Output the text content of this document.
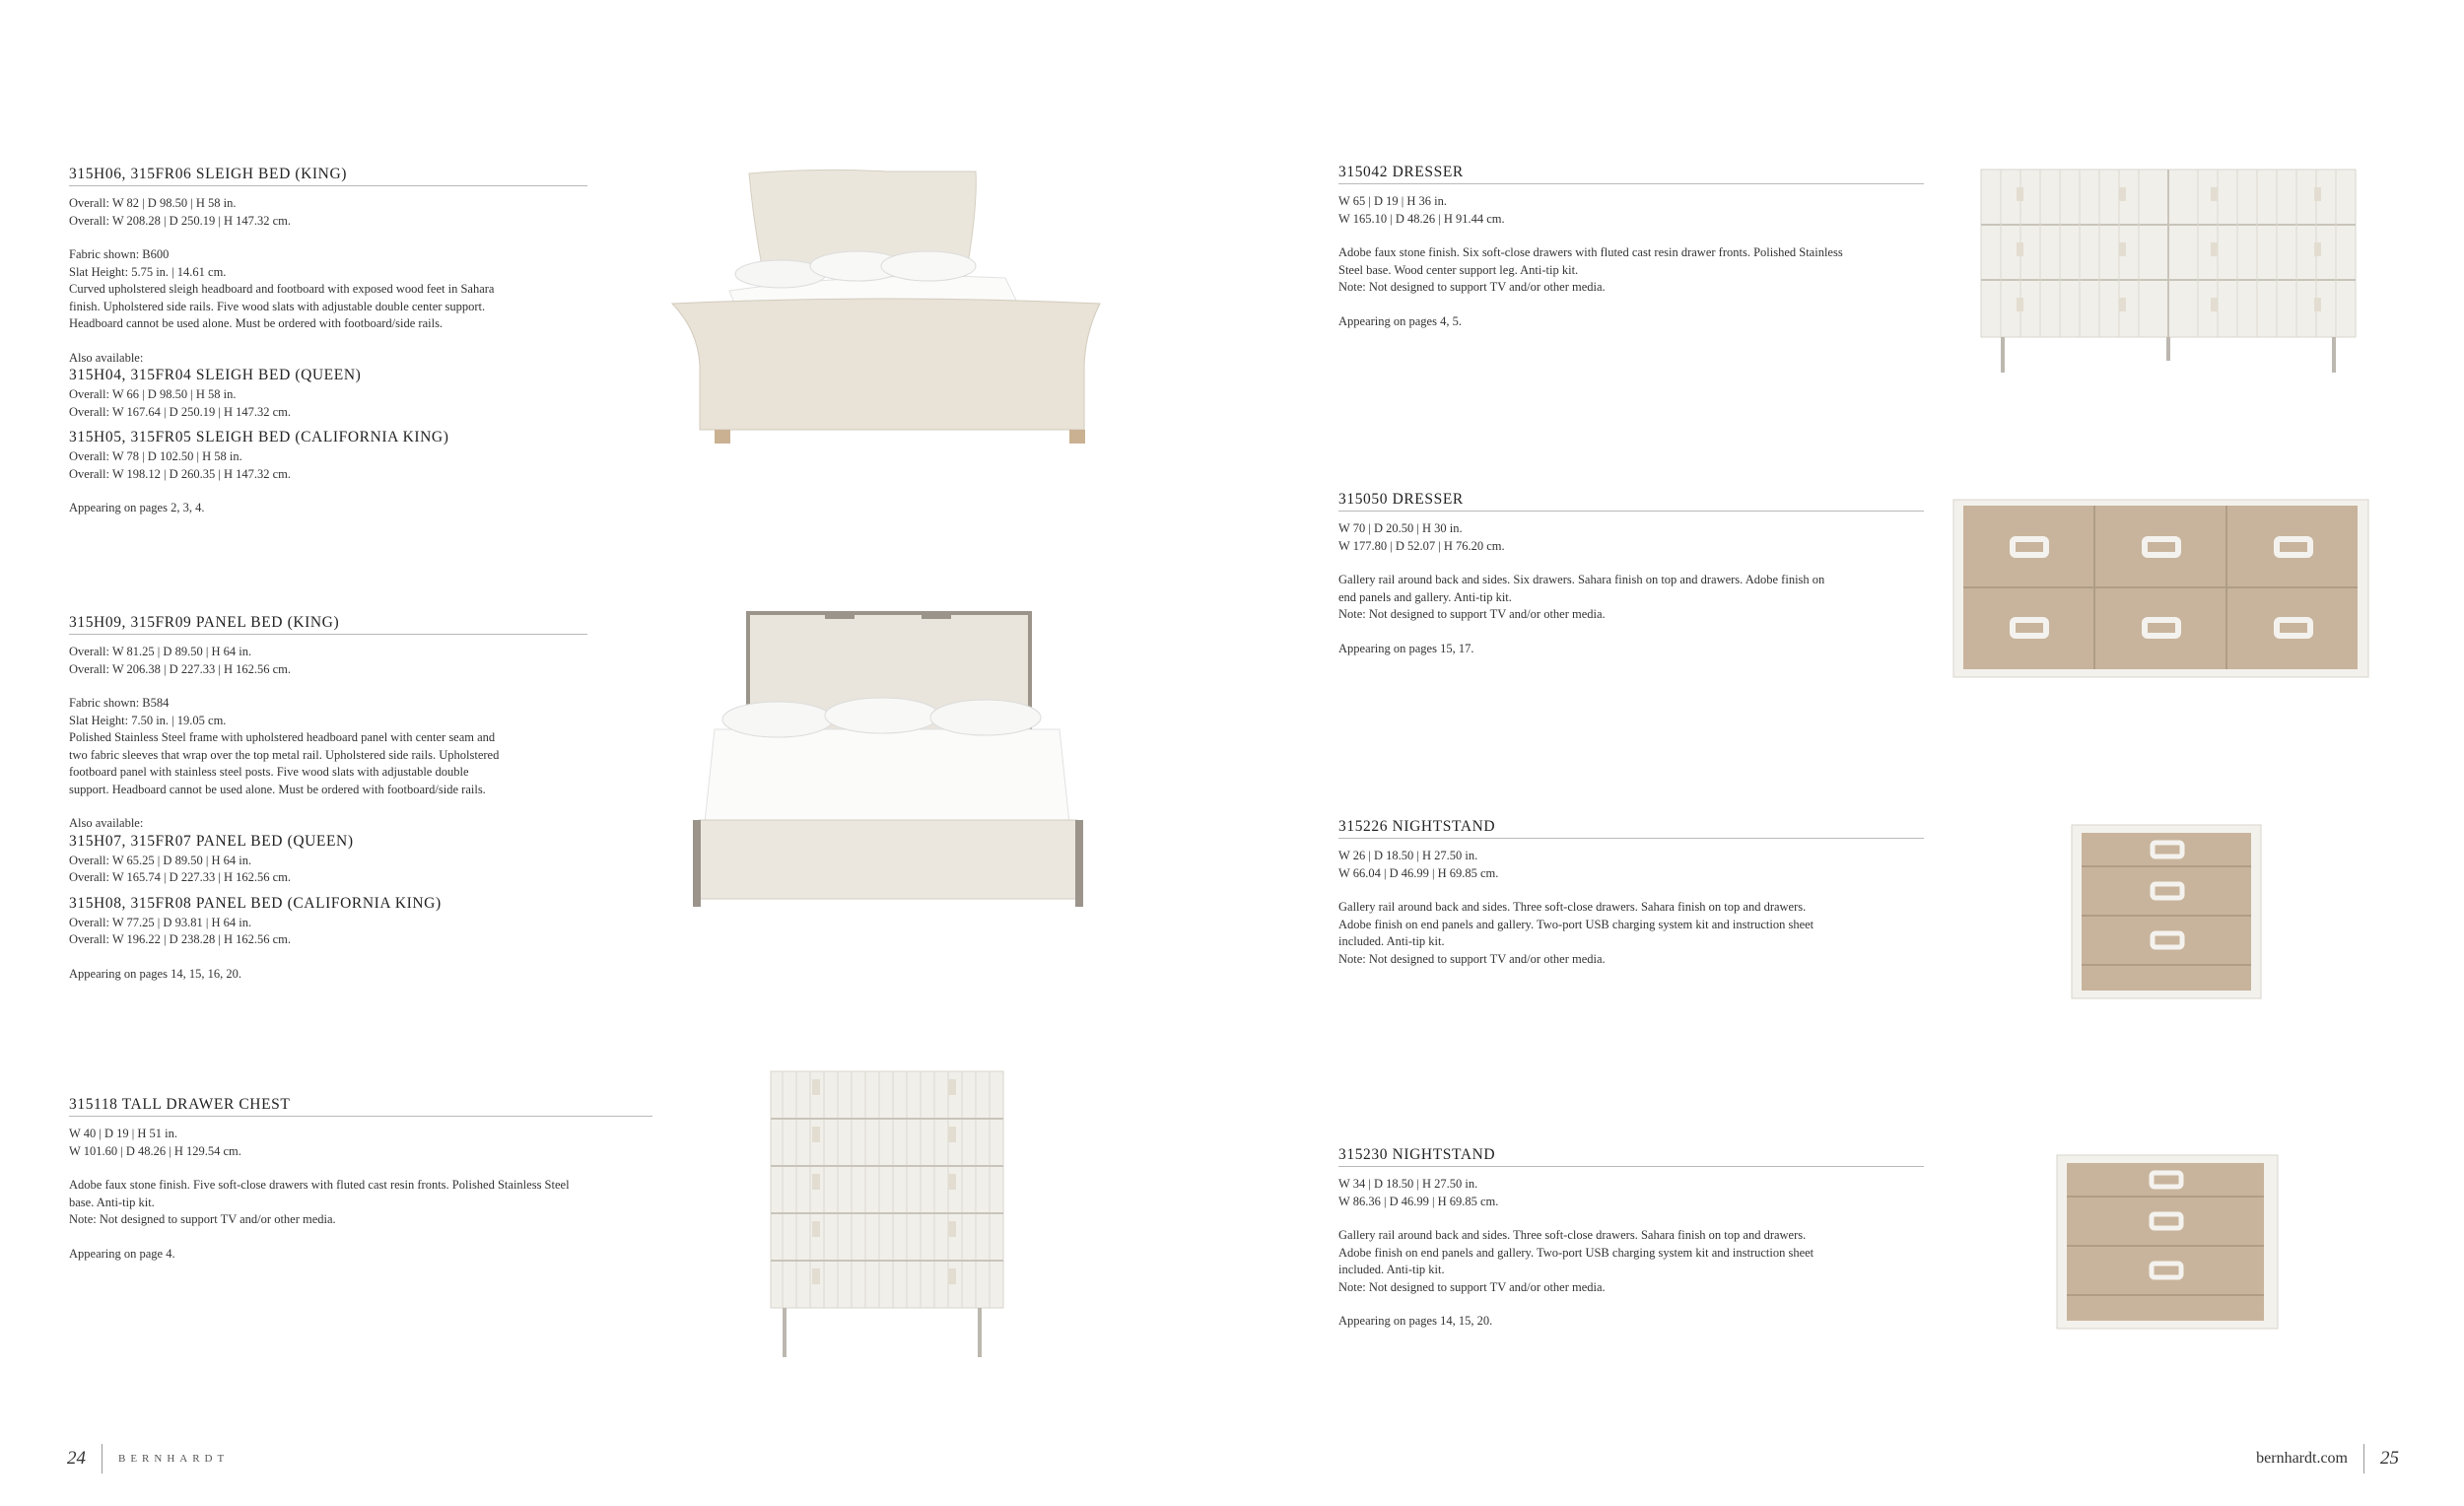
315H06, 315FR06 SLEIGH BED (KING)

Overall: W 82 | D 98.50 | H 58 in.

Overall: W 208.28 | D 250.19 | H 147.32 cm.

Fabric shown: B600

Slat Height: 5.75 in. | 14.61 cm.

Curved upholstered sleigh headboard and footboard with exposed wood feet in Sahara

finish. Upholstered side rails. Five wood slats with adjustable double center support.

Headboard cannot be used alone. Must be ordered with footboard/side rails.

Also available:

315H04, 315FR04 SLEIGH BED (QUEEN)

Overall: W 66 | D 98.50 | H 58 in.

Overall: W 167.64 | D 250.19 | H 147.32 cm.

315H05, 315FR05 SLEIGH BED (CALIFORNIA KING)

Overall: W 78 | D 102.50 | H 58 in.

Overall: W 198.12 | D 260.35 | H 147.32 cm.

Appearing on pages 2, 3, 4.

315H09, 315FR09 PANEL BED (KING)

Overall: W 81.25 | D 89.50 | H 64 in.

Overall: W 206.38 | D 227.33 | H 162.56 cm.

Fabric shown: B584

Slat Height: 7.50 in. | 19.05 cm.

Polished Stainless Steel frame with upholstered headboard panel with center seam and

two fabric sleeves that wrap over the top metal rail. Upholstered side rails. Upholstered

footboard panel with stainless steel posts. Five wood slats with adjustable double

support. Headboard cannot be used alone. Must be ordered with footboard/side rails.

Also available:

315H07, 315FR07 PANEL BED (QUEEN)

Overall: W 65.25 | D 89.50 | H 64 in.

Overall: W 165.74 | D 227.33 | H 162.56 cm.

315H08, 315FR08 PANEL BED (CALIFORNIA KING)

Overall: W 77.25 | D 93.81 | H 64 in.

Overall: W 196.22 | D 238.28 | H 162.56 cm.

Appearing on pages 14, 15, 16, 20.

315118 TALL DRAWER CHEST

W 40 | D 19 | H 51 in.

W 101.60 | D 48.26 | H 129.54 cm.

Adobe faux stone finish. Five soft-close drawers with fluted cast resin fronts. Polished Stainless Steel

base. Anti-tip kit.

Note: Not designed to support TV and/or other media.

Appearing on page 4.

315042 DRESSER

W 65 | D 19 | H 36 in.

W 165.10 | D 48.26 | H 91.44 cm.

Adobe faux stone finish. Six soft-close drawers with fluted cast resin drawer fronts. Polished Stainless

Steel base. Wood center support leg. Anti-tip kit.

Note: Not designed to support TV and/or other media.

Appearing on pages 4, 5.

315050 DRESSER

W 70 | D 20.50 | H 30 in.

W 177.80 | D 52.07 | H 76.20 cm.

Gallery rail around back and sides. Six drawers. Sahara finish on top and drawers. Adobe finish on

end panels and gallery. Anti-tip kit.

Note: Not designed to support TV and/or other media.

Appearing on pages 15, 17.

315226 NIGHTSTAND

W 26 | D 18.50 | H 27.50 in.

W 66.04 | D 46.99 | H 69.85 cm.

Gallery rail around back and sides. Three soft-close drawers. Sahara finish on top and drawers.

Adobe finish on end panels and gallery. Two-port USB charging system kit and instruction sheet

included. Anti-tip kit.

Note: Not designed to support TV and/or other media.

315230 NIGHTSTAND

W 34 | D 18.50 | H 27.50 in.

W 86.36 | D 46.99 | H 69.85 cm.

Gallery rail around back and sides. Three soft-close drawers. Sahara finish on top and drawers.

Adobe finish on end panels and gallery. Two-port USB charging system kit and instruction sheet

included. Anti-tip kit.

Note: Not designed to support TV and/or other media.

Appearing on pages 14, 15, 20.

24	BERNHARDT	bernhardt.com 25
